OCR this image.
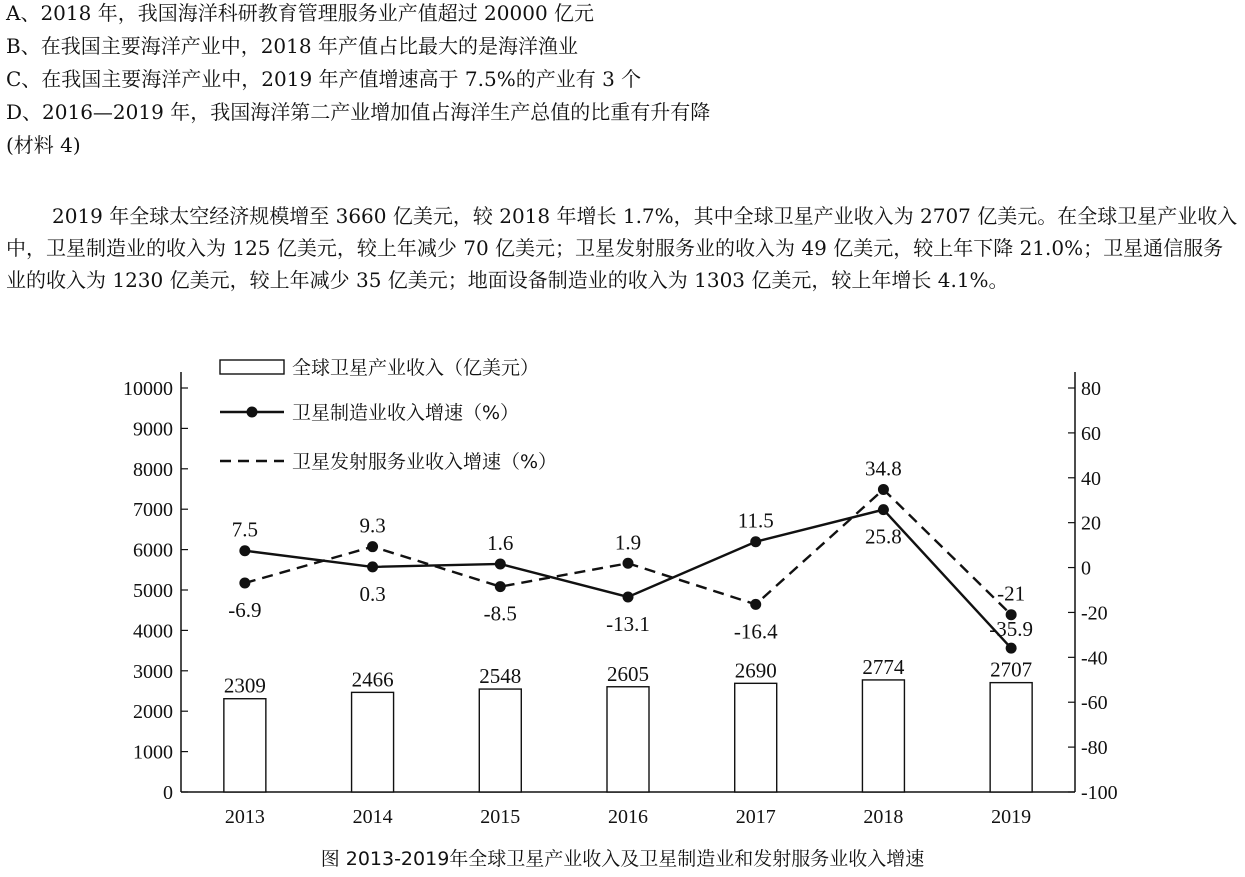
A、2018 年，我国海洋科研教育管理服务业产值超过 20000 亿元

B、在我国主要海洋产业中，2018 年产值占比最大的是海洋渔业

C、在我国主要海洋产业中，2019 年产值增速高于 7.5%的产业有 3 个

D、2016—2019 年，我国海洋第二产业增加值占海洋生产总值的比重有升有降

(材料 4)

2019 年全球太空经济规模增至 3660 亿美元，较 2018 年增长 1.7%，其中全球卫星产业收入为 2707 亿美元。在全球卫星产业收入中，卫星制造业的收入为 125 亿美元，较上年减少 70 亿美元；卫星发射服务业的收入为 49 亿美元，较上年下降 21.0%；卫星通信服务业的收入为 1230 亿美元，较上年减少 35 亿美元；地面设备制造业的收入为 1303 亿美元，较上年增长 4.1%。

0
1000
2000
3000
4000
5000
6000
7000
8000
9000
10000
-100
-80
-60
-40
-20
0
20
40
60
80
2013	2014	2015	2016	2017	2018	2019
2309	2466	2548	2605	2690	2774	2707
7.5
-6.9
0.3
9.3
1.6
-8.5	-13.1
1.9
11.5
-16.4
25.8
34.8
-35.9
-21
全球卫星产业收入（亿美元）
卫星制造业收入增速（%）
卫星发射服务业收入增速（%）
图 2013-2019年全球卫星产业收入及卫星制造业和发射服务业收入增速
